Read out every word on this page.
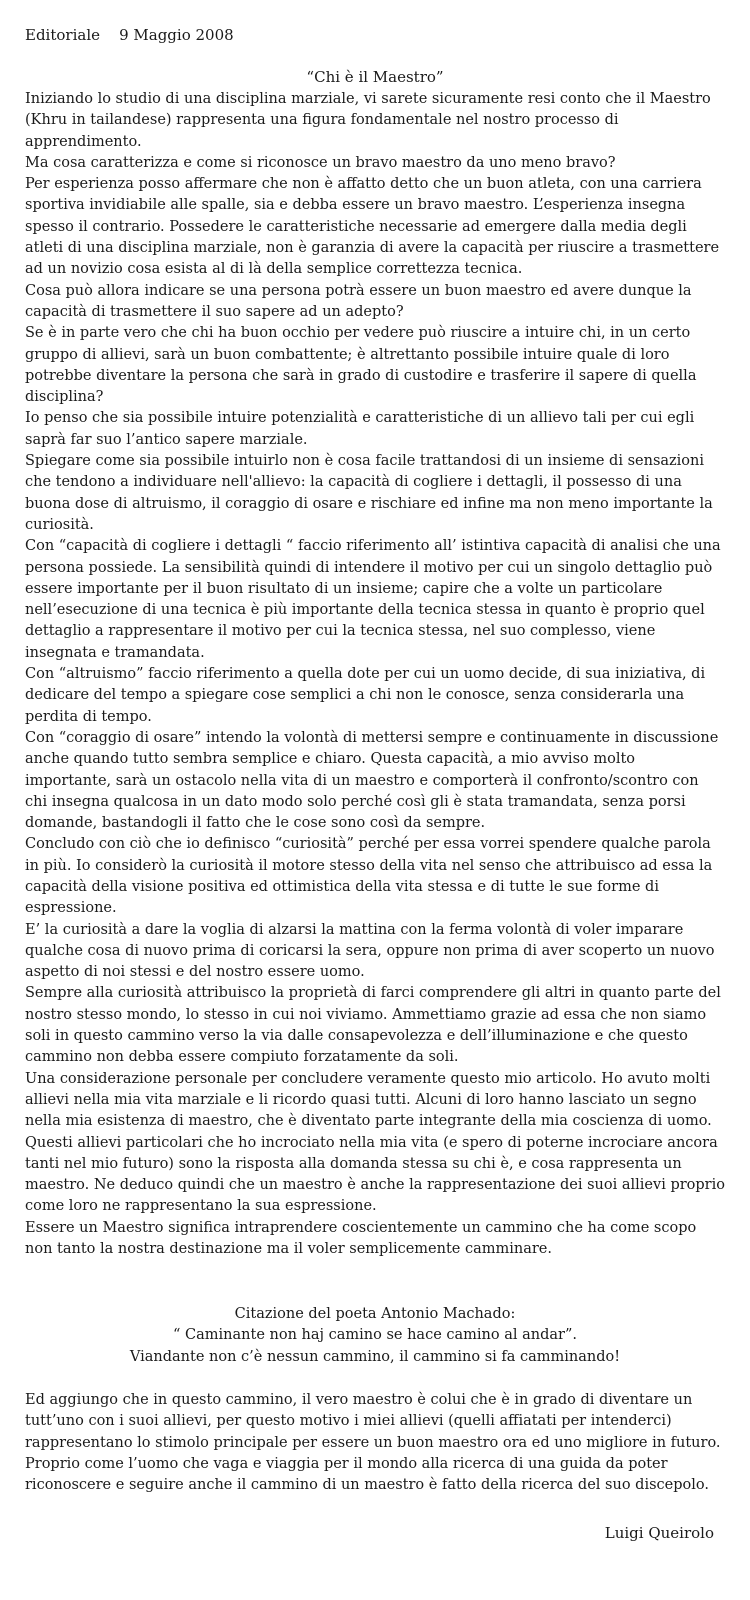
Editoriale 9 Maggio 2008
“Chi è il Maestro”

Iniziando lo studio di una disciplina marziale, vi sarete sicuramente resi conto che il Maestro (Khru in tailandese) rappresenta una figura fondamentale nel nostro processo di apprendimento.

Ma cosa caratterizza e come si riconosce un bravo maestro da uno meno bravo?

Per esperienza posso affermare che non è affatto detto che un buon atleta, con una carriera sportiva invidiabile alle spalle, sia e debba essere un bravo maestro. L’esperienza insegna spesso il contrario. Possedere le caratteristiche necessarie ad emergere dalla media degli atleti di una disciplina marziale, non è garanzia di avere la capacità per riuscire a trasmettere ad un novizio cosa esista al di là della semplice correttezza tecnica.

Cosa può allora indicare se una persona potrà essere un buon maestro ed avere dunque la capacità di trasmettere il suo sapere ad un adepto?

Se è in parte vero che chi ha buon occhio per vedere può riuscire a intuire chi, in un certo gruppo di allievi, sarà un buon combattente; è altrettanto possibile intuire quale di loro potrebbe diventare la persona che sarà in grado di custodire e trasferire il sapere di quella disciplina?

Io penso che sia possibile intuire potenzialità e caratteristiche di un allievo tali per cui egli saprà far suo l’antico sapere marziale.

Spiegare come sia possibile intuirlo non è cosa facile trattandosi di un insieme di sensazioni che tendono a individuare nell'allievo: la capacità di cogliere i dettagli, il possesso di una buona dose di altruismo, il coraggio di osare e rischiare ed infine ma non meno importante la curiosità.

Con “capacità di cogliere i dettagli “ faccio riferimento all’ istintiva capacità di analisi che una persona possiede. La sensibilità quindi di intendere il motivo per cui un singolo dettaglio può essere importante per il buon risultato di un insieme; capire che a volte un particolare nell’esecuzione di una tecnica è più importante della tecnica stessa in quanto è proprio quel dettaglio a rappresentare il motivo per cui la tecnica stessa, nel suo complesso, viene insegnata e tramandata.

Con “altruismo” faccio riferimento a quella dote per cui un uomo decide, di sua iniziativa, di dedicare del tempo a spiegare cose semplici a chi non le conosce, senza considerarla una perdita di tempo.

Con “coraggio di osare” intendo la volontà di mettersi sempre e continuamente in discussione anche quando tutto sembra semplice e chiaro. Questa capacità, a mio avviso molto importante, sarà un ostacolo nella vita di un maestro e comporterà il confronto/scontro con chi insegna qualcosa in un dato modo solo perché così gli è stata tramandata, senza porsi domande, bastandogli il fatto che le cose sono così da sempre.

Concludo con ciò che io definisco “curiosità” perché per essa vorrei spendere qualche parola in più. Io considerò la curiosità il motore stesso della vita nel senso che attribuisco ad essa la capacità della visione positiva ed ottimistica della vita stessa e di tutte le sue forme di espressione.

E’ la curiosità a dare la voglia di alzarsi la mattina con la ferma volontà di voler imparare qualche cosa di nuovo prima di coricarsi la sera, oppure non prima di aver scoperto un nuovo aspetto di noi stessi e del nostro essere uomo.

Sempre alla curiosità attribuisco la proprietà di farci comprendere gli altri in quanto parte del nostro stesso mondo, lo stesso in cui noi viviamo. Ammettiamo grazie ad essa che non siamo soli in questo cammino verso la via dalle consapevolezza e dell’illuminazione e che questo cammino non debba essere compiuto forzatamente da soli.

Una considerazione personale per concludere veramente questo mio articolo. Ho avuto molti allievi nella mia vita marziale e li ricordo quasi tutti. Alcuni di loro hanno lasciato un segno nella mia esistenza di maestro, che è diventato parte integrante della mia coscienza di uomo. Questi allievi particolari che ho incrociato nella mia vita (e spero di poterne incrociare ancora tanti nel mio futuro) sono la risposta alla domanda stessa su chi è, e cosa rappresenta un maestro. Ne deduco quindi che un maestro è anche la rappresentazione dei suoi allievi proprio come loro ne rappresentano la sua espressione.

Essere un Maestro significa intraprendere coscientemente un cammino che ha come scopo non tanto la nostra destinazione ma il voler semplicemente camminare.

Citazione del poeta Antonio Machado:

“ Caminante non haj camino se hace camino al andar”.

Viandante non c’è nessun cammino, il cammino si fa camminando!

Ed aggiungo che in questo cammino, il vero maestro è colui che è in grado di diventare un tutt’uno con i suoi allievi, per questo motivo i miei allievi (quelli affiatati per intenderci) rappresentano lo stimolo principale per essere un buon maestro ora ed uno migliore in futuro.

Proprio come l’uomo che vaga e viaggia per il mondo alla ricerca di una guida da poter riconoscere e seguire anche il cammino di un maestro è fatto della ricerca del suo discepolo.

Luigi Queirolo
